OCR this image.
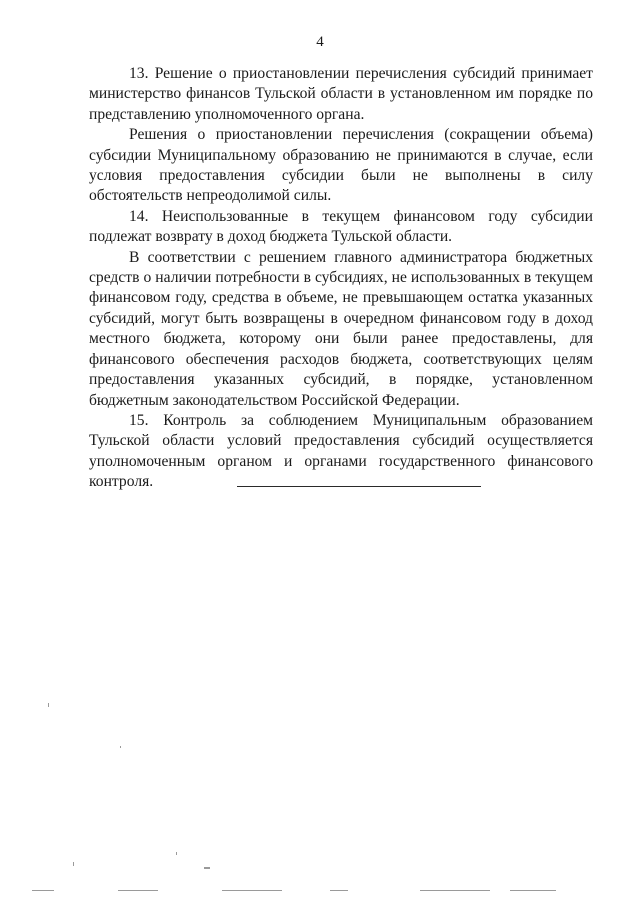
4

13. Решение о приостановлении перечисления субсидий принимает министерство финансов Тульской области в установленном им порядке по представлению уполномоченного органа.

Решения о приостановлении перечисления (сокращении объема) субсидии Муниципальному образованию не принимаются в случае, если условия предоставления субсидии были не выполнены в силу обстоятельств непреодолимой силы.

14. Неиспользованные в текущем финансовом году субсидии подлежат возврату в доход бюджета Тульской области.

В соответствии с решением главного администратора бюджетных средств о наличии потребности в субсидиях, не использованных в текущем финансовом году, средства в объеме, не превышающем остатка указанных субсидий, могут быть возвращены в очередном финансовом году в доход местного бюджета, которому они были ранее предоставлены, для финансового обеспечения расходов бюджета, соответствующих целям предоставления указанных субсидий, в порядке, установленном бюджетным законодательством Российской Федерации.

15. Контроль за соблюдением Муниципальным образованием Тульской области условий предоставления субсидий осуществляется уполномоченным органом и органами государственного финансового контроля.
